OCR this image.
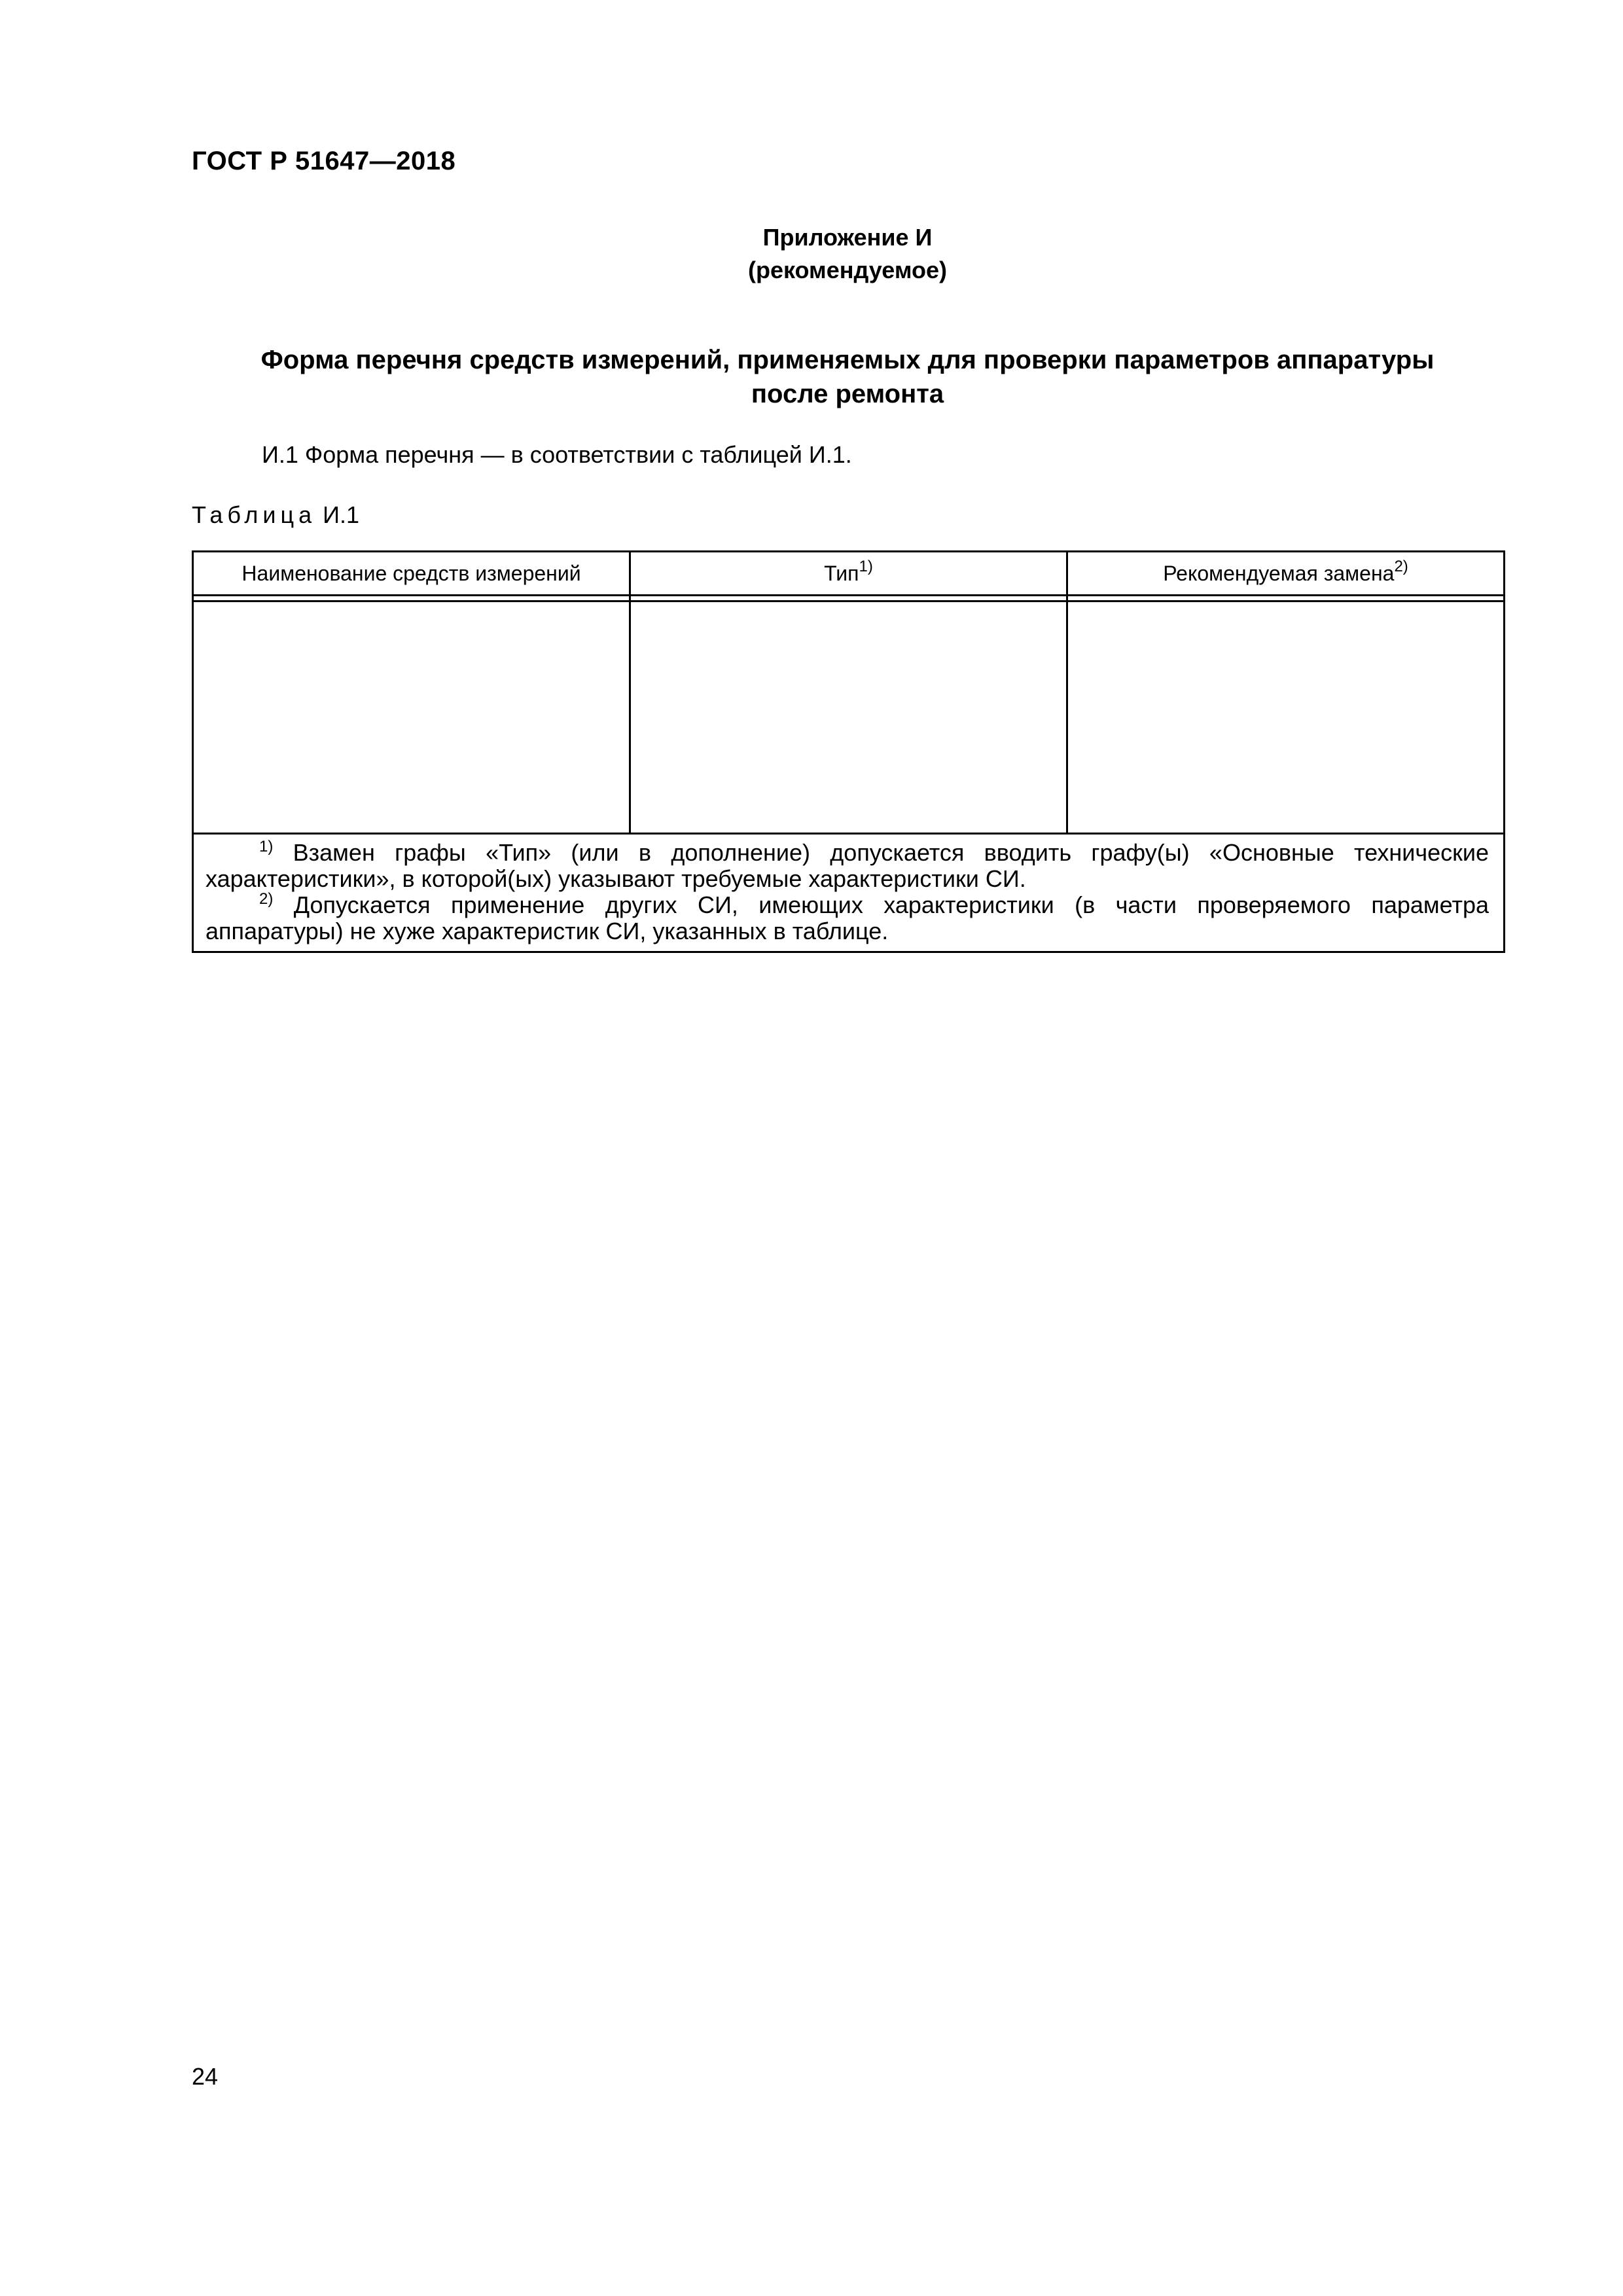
ГОСТ Р 51647—2018
Приложение И
(рекомендуемое)
Форма перечня средств измерений, применяемых для проверки параметров аппаратуры
после ремонта
И.1 Форма перечня — в соответствии с таблицей И.1.
Таблица И.1
Наименование средств измерений	Тип$^{1)}$	Рекомендуемая замена$^{2)}$

$^{1)}$ Взамен графы «Тип» (или в дополнение) допускается вводить графу(ы) «Основные технические характеристики», в которой(ых) указывают требуемые характеристики СИ.

$^{2)}$ Допускается применение других СИ, имеющих характеристики (в части проверяемого параметра аппаратуры) не хуже характеристик СИ, указанных в таблице.		

24
